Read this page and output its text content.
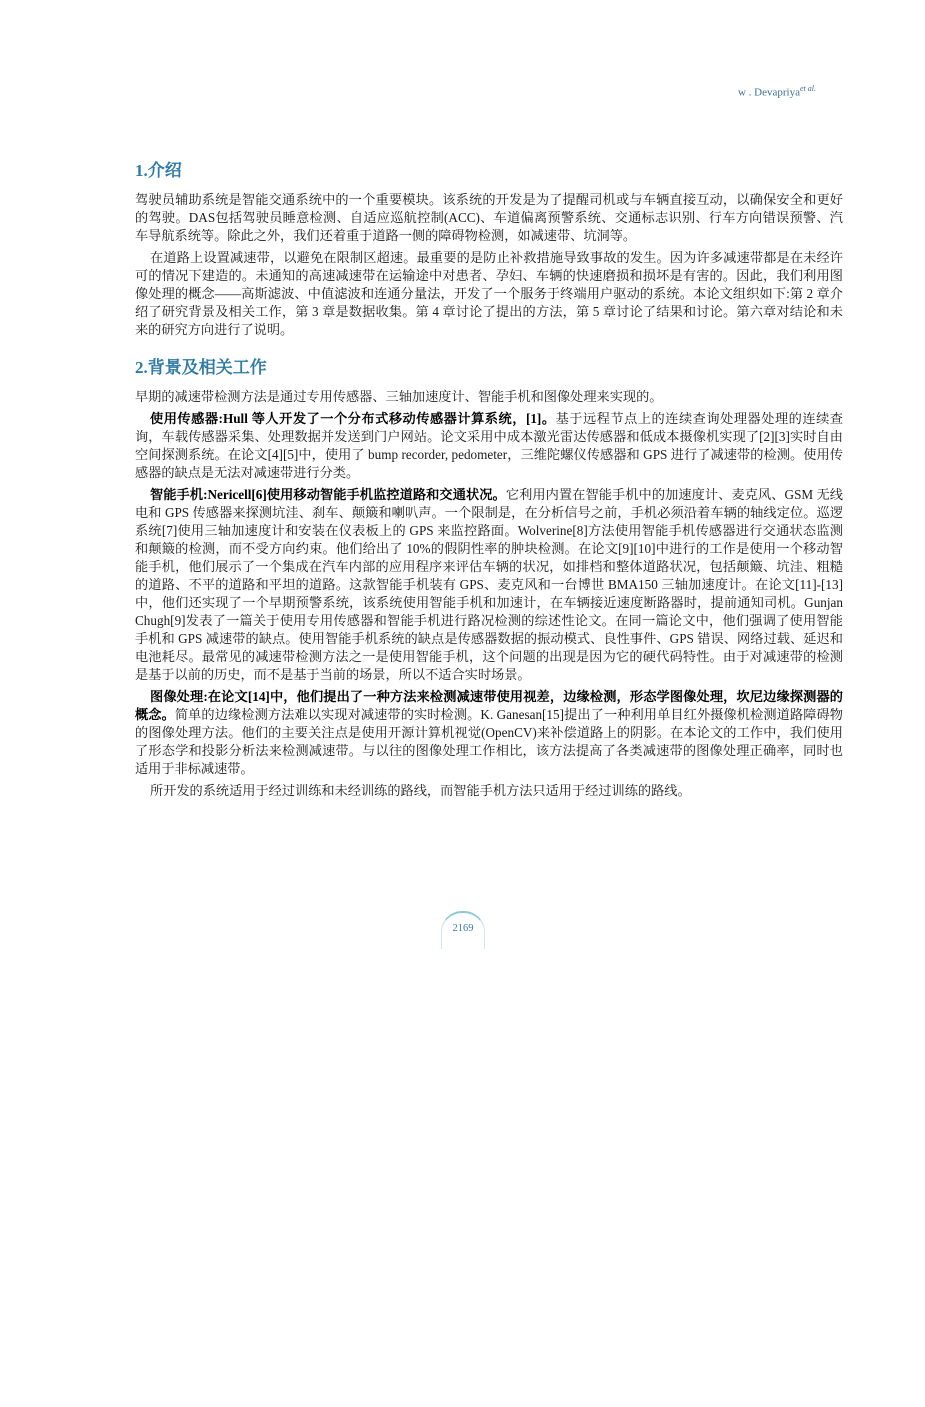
w . Devapriya$^{et al.}$
1.介绍

驾驶员辅助系统是智能交通系统中的一个重要模块。该系统的开发是为了提醒司机或与车辆直接互动，以确保安全和更好的驾驶。DAS包括驾驶员睡意检测、自适应巡航控制(ACC)、车道偏离预警系统、交通标志识别、行车方向错误预警、汽车导航系统等。除此之外，我们还着重于道路一侧的障碍物检测，如减速带、坑洞等。

在道路上设置减速带，以避免在限制区超速。最重要的是防止补救措施导致事故的发生。因为许多减速带都是在未经许可的情况下建造的。未通知的高速减速带在运输途中对患者、孕妇、车辆的快速磨损和损坏是有害的。因此，我们利用图像处理的概念——高斯滤波、中值滤波和连通分量法，开发了一个服务于终端用户驱动的系统。本论文组织如下:第 2 章介绍了研究背景及相关工作，第 3 章是数据收集。第 4 章讨论了提出的方法，第 5 章讨论了结果和讨论。第六章对结论和未来的研究方向进行了说明。

2.背景及相关工作

早期的减速带检测方法是通过专用传感器、三轴加速度计、智能手机和图像处理来实现的。

使用传感器:Hull 等人开发了一个分布式移动传感器计算系统，[1]。基于远程节点上的连续查询处理器处理的连续查询，车载传感器采集、处理数据并发送到门户网站。论文采用中成本激光雷达传感器和低成本摄像机实现了[2][3]实时自由空间探测系统。在论文[4][5]中，使用了 bump recorder, pedometer，三维陀螺仪传感器和 GPS 进行了减速带的检测。使用传感器的缺点是无法对减速带进行分类。

智能手机:Nericell[6]使用移动智能手机监控道路和交通状况。它利用内置在智能手机中的加速度计、麦克风、GSM 无线电和 GPS 传感器来探测坑洼、刹车、颠簸和喇叭声。一个限制是，在分析信号之前，手机必须沿着车辆的轴线定位。巡逻系统[7]使用三轴加速度计和安装在仪表板上的 GPS 来监控路面。Wolverine[8]方法使用智能手机传感器进行交通状态监测和颠簸的检测，而不受方向约束。他们给出了 10%的假阴性率的肿块检测。在论文[9][10]中进行的工作是使用一个移动智能手机，他们展示了一个集成在汽车内部的应用程序来评估车辆的状况，如排档和整体道路状况，包括颠簸、坑洼、粗糙的道路、不平的道路和平坦的道路。这款智能手机装有 GPS、麦克风和一台博世 BMA150 三轴加速度计。在论文[11]-[13]中，他们还实现了一个早期预警系统，该系统使用智能手机和加速计，在车辆接近速度断路器时，提前通知司机。Gunjan Chugh[9]发表了一篇关于使用专用传感器和智能手机进行路况检测的综述性论文。在同一篇论文中，他们强调了使用智能手机和 GPS 减速带的缺点。使用智能手机系统的缺点是传感器数据的振动模式、良性事件、GPS 错误、网络过载、延迟和电池耗尽。最常见的减速带检测方法之一是使用智能手机，这个问题的出现是因为它的硬代码特性。由于对减速带的检测是基于以前的历史，而不是基于当前的场景，所以不适合实时场景。

图像处理:在论文[14]中，他们提出了一种方法来检测减速带使用视差，边缘检测，形态学图像处理，坎尼边缘探测器的概念。简单的边缘检测方法难以实现对减速带的实时检测。K. Ganesan[15]提出了一种利用单目红外摄像机检测道路障碍物的图像处理方法。他们的主要关注点是使用开源计算机视觉(OpenCV)来补偿道路上的阴影。在本论文的工作中，我们使用了形态学和投影分析法来检测减速带。与以往的图像处理工作相比，该方法提高了各类减速带的图像处理正确率，同时也适用于非标减速带。

所开发的系统适用于经过训练和未经训练的路线，而智能手机方法只适用于经过训练的路线。

2169
